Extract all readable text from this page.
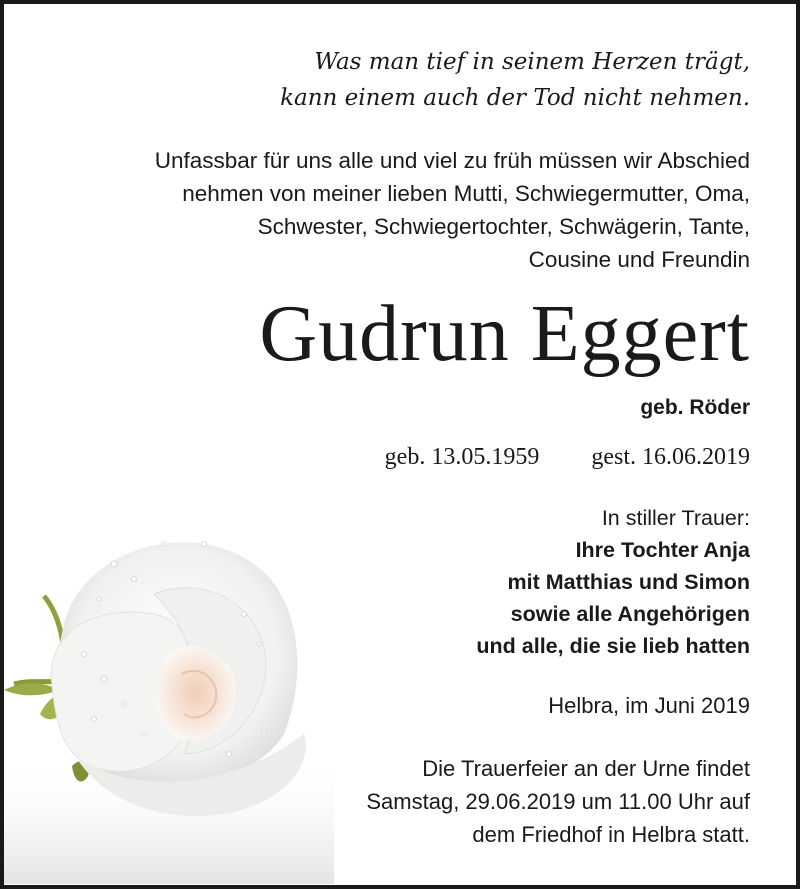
Was man tief in seinem Herzen trägt,
kann einem auch der Tod nicht nehmen.
Unfassbar für uns alle und viel zu früh müssen wir Abschied
nehmen von meiner lieben Mutti, Schwiegermutter, Oma,
Schwester, Schwiegertochter, Schwägerin, Tante,
Cousine und Freundin
Gudrun Eggert
geb. Röder
geb. 13.05.1959 gest. 16.06.2019
In stiller Trauer:
Ihre Tochter Anja
mit Matthias und Simon
sowie alle Angehörigen
und alle, die sie lieb hatten
Helbra, im Juni 2019
Die Trauerfeier an der Urne findet
Samstag, 29.06.2019 um 11.00 Uhr auf
dem Friedhof in Helbra statt.
